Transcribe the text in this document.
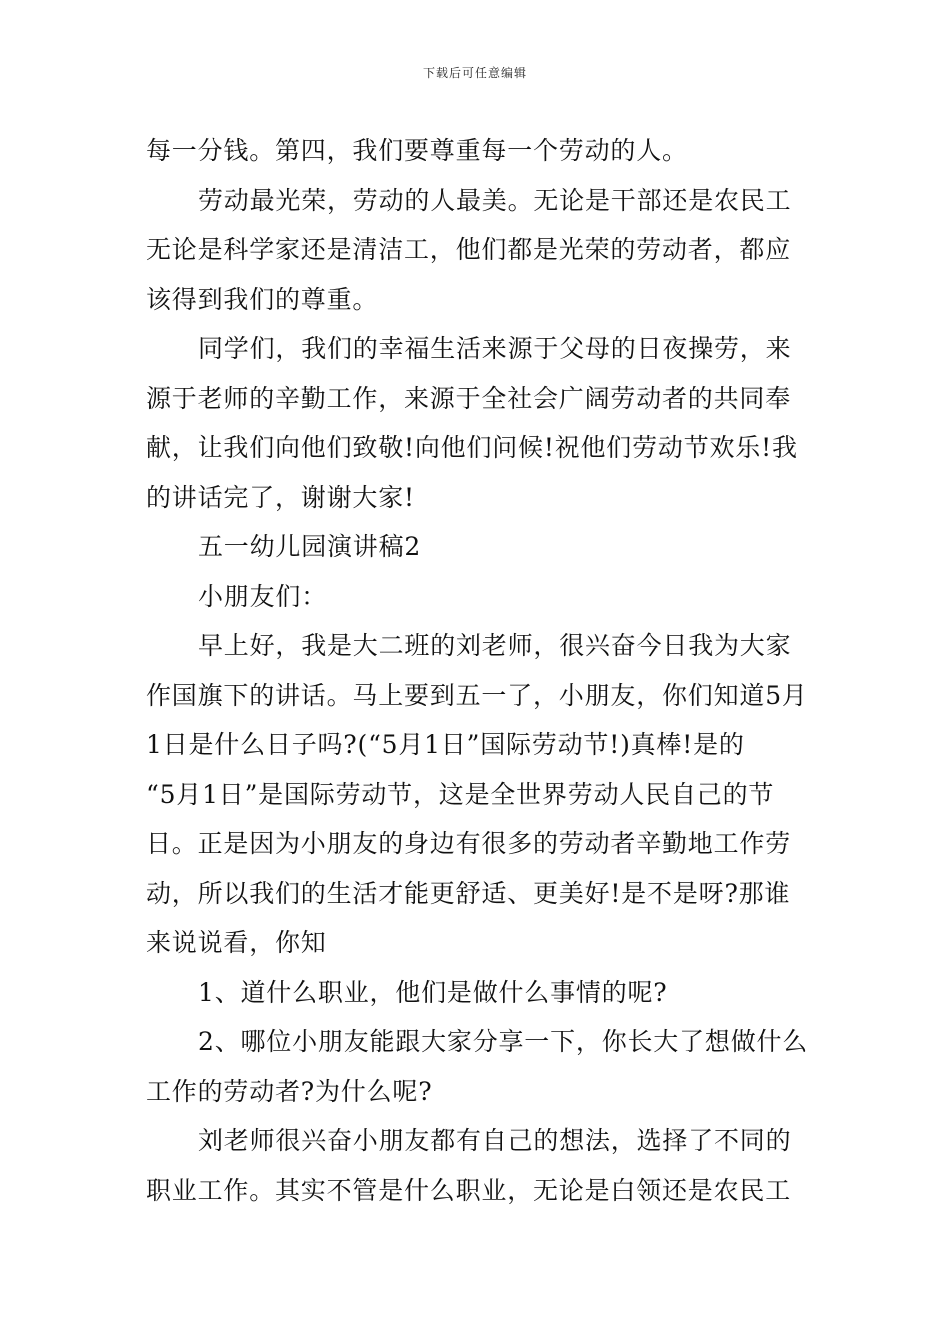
下载后可任意编辑
每一分钱。第四，我们要尊重每一个劳动的人。
劳动最光荣，劳动的人最美。无论是干部还是农民工
无论是科学家还是清洁工，他们都是光荣的劳动者，都应
该得到我们的尊重。
同学们，我们的幸福生活来源于父母的日夜操劳，来
源于老师的辛勤工作，来源于全社会广阔劳动者的共同奉
献，让我们向他们致敬!向他们问候!祝他们劳动节欢乐!我
的讲话完了，谢谢大家!
五一幼儿园演讲稿2
小朋友们：
早上好，我是大二班的刘老师，很兴奋今日我为大家
作国旗下的讲话。马上要到五一了，小朋友，你们知道5月
1日是什么日子吗?(“5月1日”国际劳动节!)真棒!是的
“5月1日”是国际劳动节，这是全世界劳动人民自己的节
日。正是因为小朋友的身边有很多的劳动者辛勤地工作劳
动，所以我们的生活才能更舒适、更美好!是不是呀?那谁
来说说看，你知
1、道什么职业，他们是做什么事情的呢?
2、哪位小朋友能跟大家分享一下，你长大了想做什么
工作的劳动者?为什么呢?
刘老师很兴奋小朋友都有自己的想法，选择了不同的
职业工作。其实不管是什么职业，无论是白领还是农民工
